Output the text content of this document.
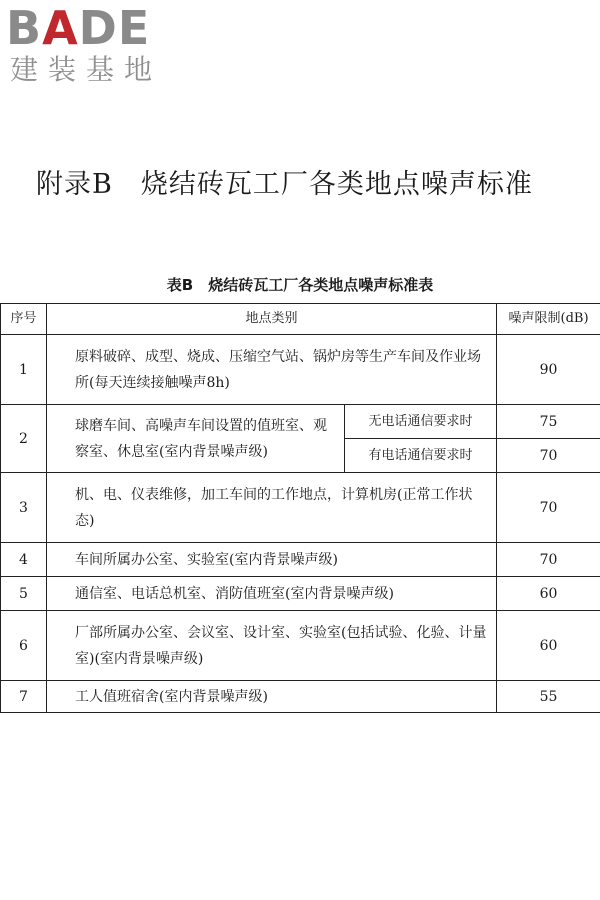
BADE
建装基地
附录B　烧结砖瓦工厂各类地点噪声标准
表B　烧结砖瓦工厂各类地点噪声标准表
序号	地点类别		噪声限制(dB)
1	原料破碎、成型、烧成、压缩空气站、锅炉房等生产车间及作业场所(每天连续接触噪声8h)		90
2	球磨车间、高噪声车间设置的值班室、观察室、休息室(室内背景噪声级)	无电话通信要求时	75
		有电话通信要求时	70
3	机、电、仪表维修，加工车间的工作地点，计算机房(正常工作状态)		70
4	车间所属办公室、实验室(室内背景噪声级)		70
5	通信室、电话总机室、消防值班室(室内背景噪声级)		60
6	厂部所属办公室、会议室、设计室、实验室(包括试验、化验、计量室)(室内背景噪声级)		60
7	工人值班宿舍(室内背景噪声级)		55
